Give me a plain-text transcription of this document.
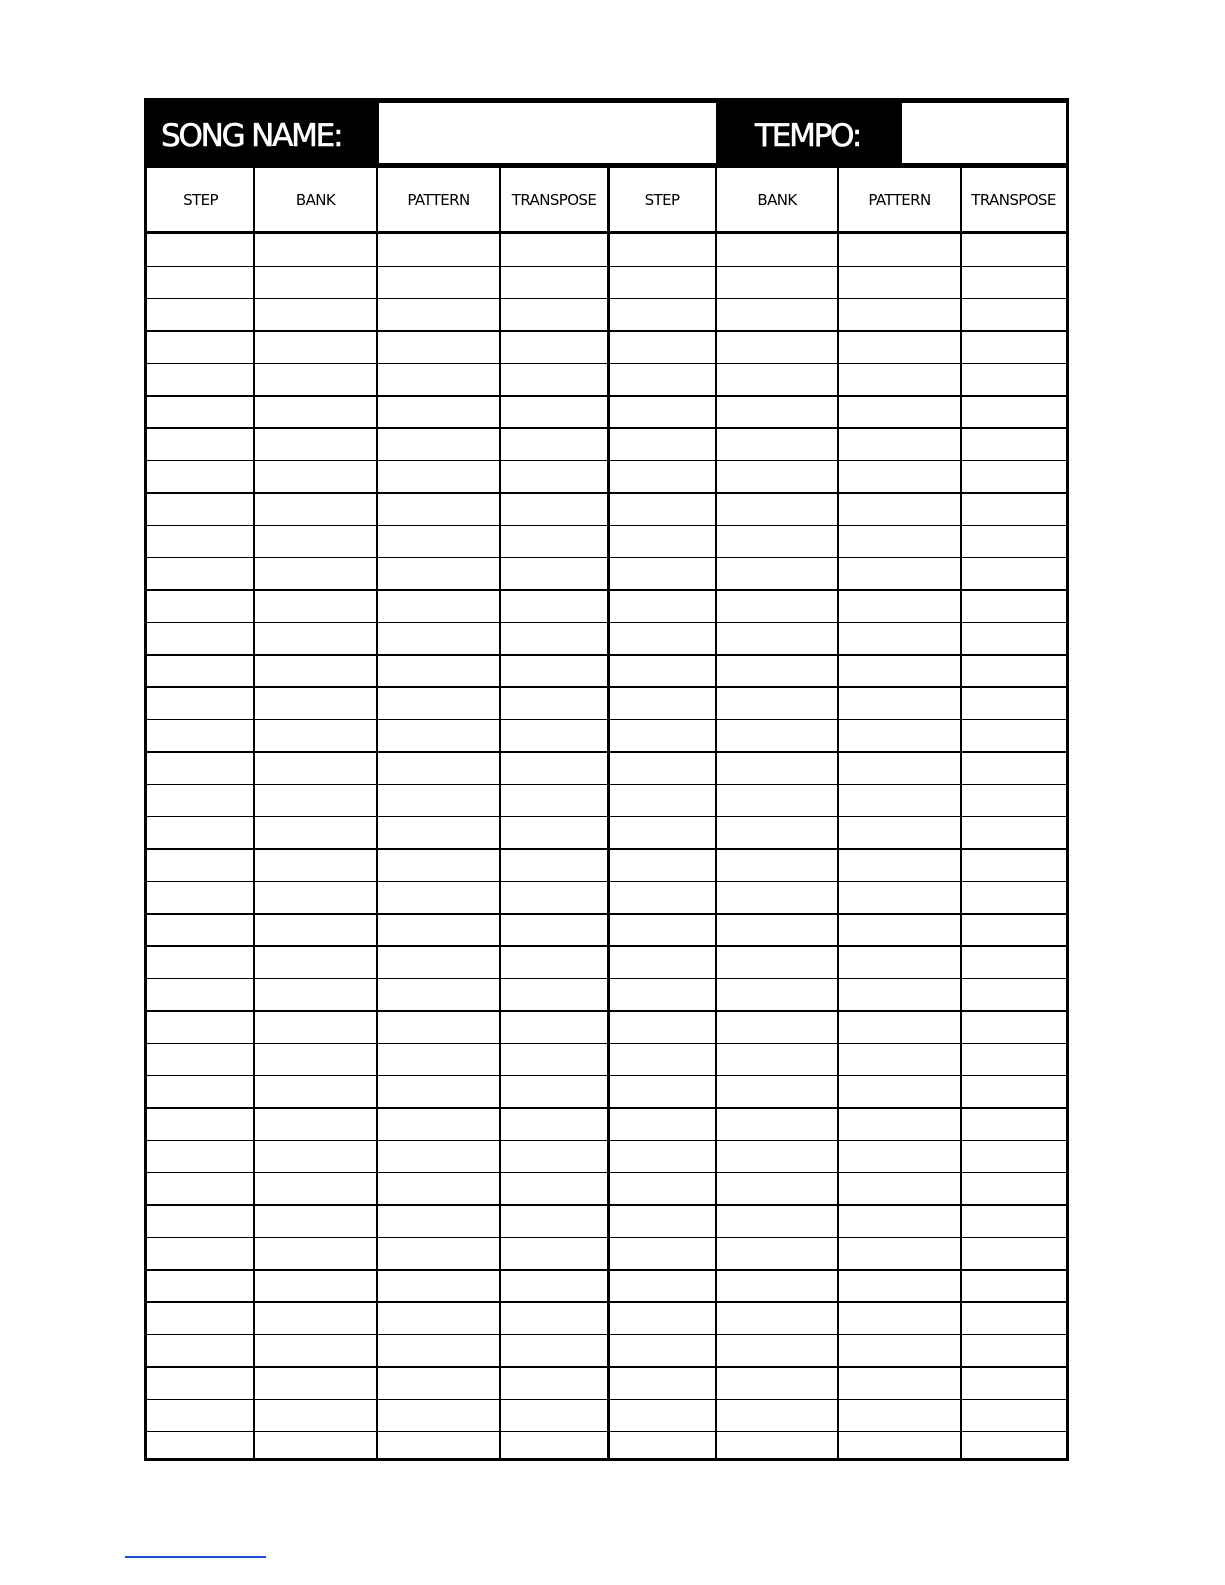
SONG NAME:	TEMPO:
STEP	BANK	PATTERN	TRANSPOSE	STEP	BANK	PATTERN	TRANSPOSE
